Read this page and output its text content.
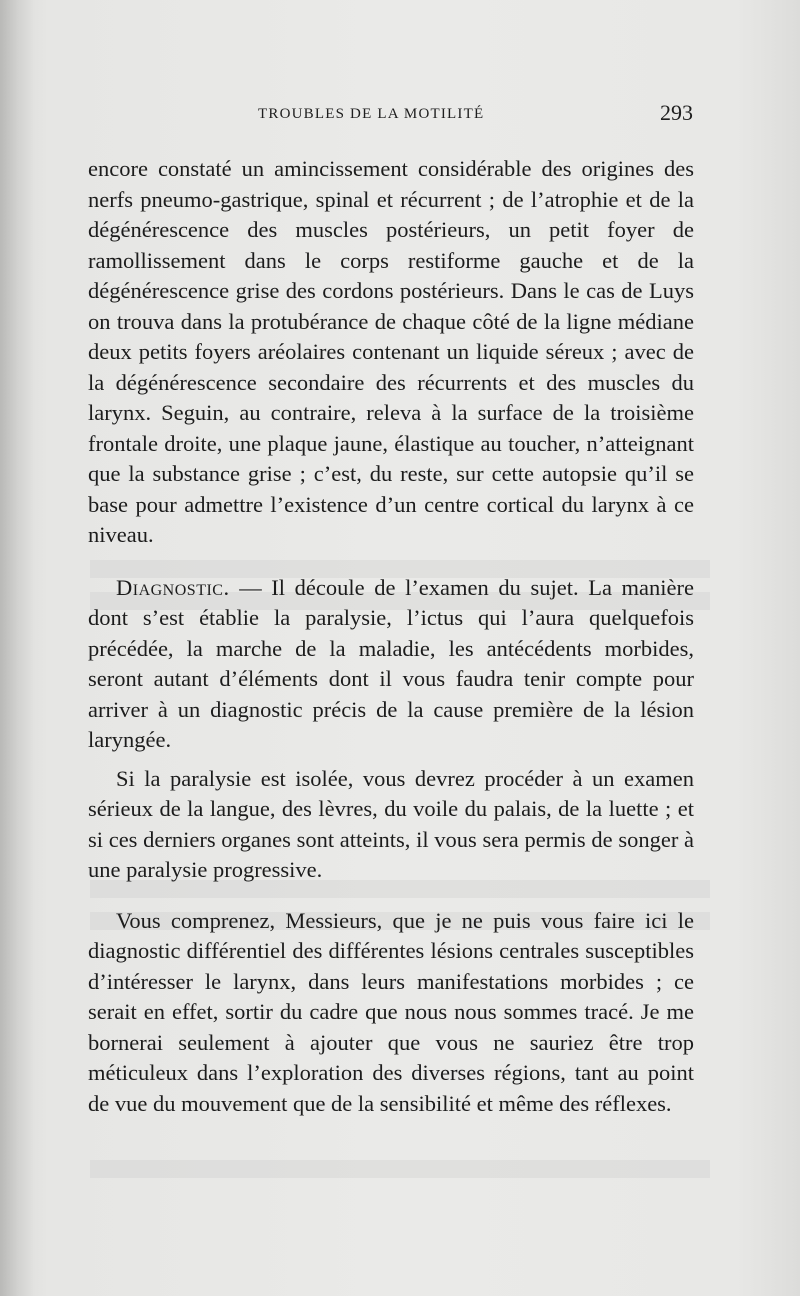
TROUBLES DE LA MOTILITÉ	293

encore constaté un amincissement considérable des origines des nerfs pneumo-gastrique, spinal et récurrent ; de l’atrophie et de la dégénérescence des muscles postérieurs, un petit foyer de ramollissement dans le corps restiforme gauche et de la dégénérescence grise des cordons postérieurs. Dans le cas de Luys on trouva dans la protubérance de chaque côté de la ligne médiane deux petits foyers aréolaires contenant un liquide séreux ; avec de la dégénérescence secondaire des récurrents et des muscles du larynx. Seguin, au contraire, releva à la surface de la troisième frontale droite, une plaque jaune, élastique au toucher, n’atteignant que la substance grise ; c’est, du reste, sur cette autopsie qu’il se base pour admettre l’existence d’un centre cortical du larynx à ce niveau.

Diagnostic. — Il découle de l’examen du sujet. La manière dont s’est établie la paralysie, l’ictus qui l’aura quelquefois précédée, la marche de la maladie, les antécédents morbides, seront autant d’éléments dont il vous faudra tenir compte pour arriver à un diagnostic précis de la cause première de la lésion laryngée.

Si la paralysie est isolée, vous devrez procéder à un examen sérieux de la langue, des lèvres, du voile du palais, de la luette ; et si ces derniers organes sont atteints, il vous sera permis de songer à une paralysie progressive.

Vous comprenez, Messieurs, que je ne puis vous faire ici le diagnostic différentiel des différentes lésions centrales susceptibles d’intéresser le larynx, dans leurs manifestations morbides ; ce serait en effet, sortir du cadre que nous nous sommes tracé. Je me bornerai seulement à ajouter que vous ne sauriez être trop méticuleux dans l’exploration des diverses régions, tant au point de vue du mouvement que de la sensibilité et même des réflexes.
